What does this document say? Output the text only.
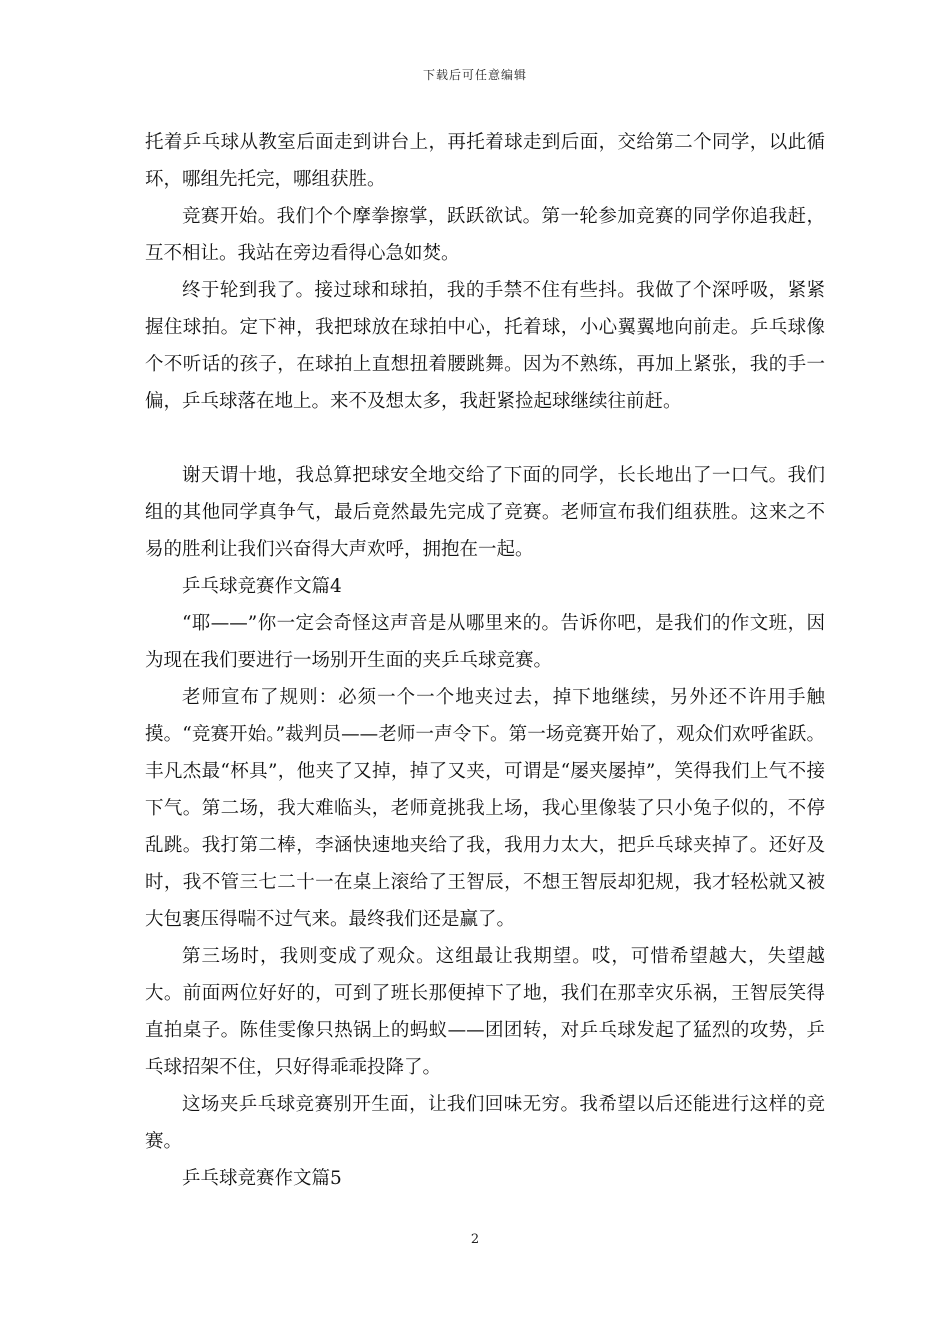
下载后可任意编辑

托着乒乓球从教室后面走到讲台上，再托着球走到后面，交给第二个同学，以此循环，哪组先托完，哪组获胜。

竞赛开始。我们个个摩拳擦掌，跃跃欲试。第一轮参加竞赛的同学你追我赶，互不相让。我站在旁边看得心急如焚。

终于轮到我了。接过球和球拍，我的手禁不住有些抖。我做了个深呼吸，紧紧握住球拍。定下神，我把球放在球拍中心，托着球，小心翼翼地向前走。乒乓球像个不听话的孩子，在球拍上直想扭着腰跳舞。因为不熟练，再加上紧张，我的手一偏，乒乓球落在地上。来不及想太多，我赶紧捡起球继续往前赶。

谢天谓十地，我总算把球安全地交给了下面的同学，长长地出了一口气。我们组的其他同学真争气，最后竟然最先完成了竞赛。老师宣布我们组获胜。这来之不易的胜利让我们兴奋得大声欢呼，拥抱在一起。

乒乓球竞赛作文篇4

“耶——”你一定会奇怪这声音是从哪里来的。告诉你吧，是我们的作文班，因为现在我们要进行一场别开生面的夹乒乓球竞赛。

老师宣布了规则：必须一个一个地夹过去，掉下地继续，另外还不许用手触摸。“竞赛开始。”裁判员——老师一声令下。第一场竞赛开始了，观众们欢呼雀跃。丰凡杰最“杯具”，他夹了又掉，掉了又夹，可谓是“屡夹屡掉”，笑得我们上气不接下气。第二场，我大难临头，老师竟挑我上场，我心里像装了只小兔子似的，不停乱跳。我打第二棒，李涵快速地夹给了我，我用力太大，把乒乓球夹掉了。还好及时，我不管三七二十一在桌上滚给了王智辰，不想王智辰却犯规，我才轻松就又被大包裹压得喘不过气来。最终我们还是赢了。

第三场时，我则变成了观众。这组最让我期望。哎，可惜希望越大，失望越大。前面两位好好的，可到了班长那便掉下了地，我们在那幸灾乐祸，王智辰笑得直拍桌子。陈佳雯像只热锅上的蚂蚁——团团转，对乒乓球发起了猛烈的攻势，乒乓球招架不住，只好得乖乖投降了。

这场夹乒乓球竞赛别开生面，让我们回味无穷。我希望以后还能进行这样的竞赛。

乒乓球竞赛作文篇5

2
